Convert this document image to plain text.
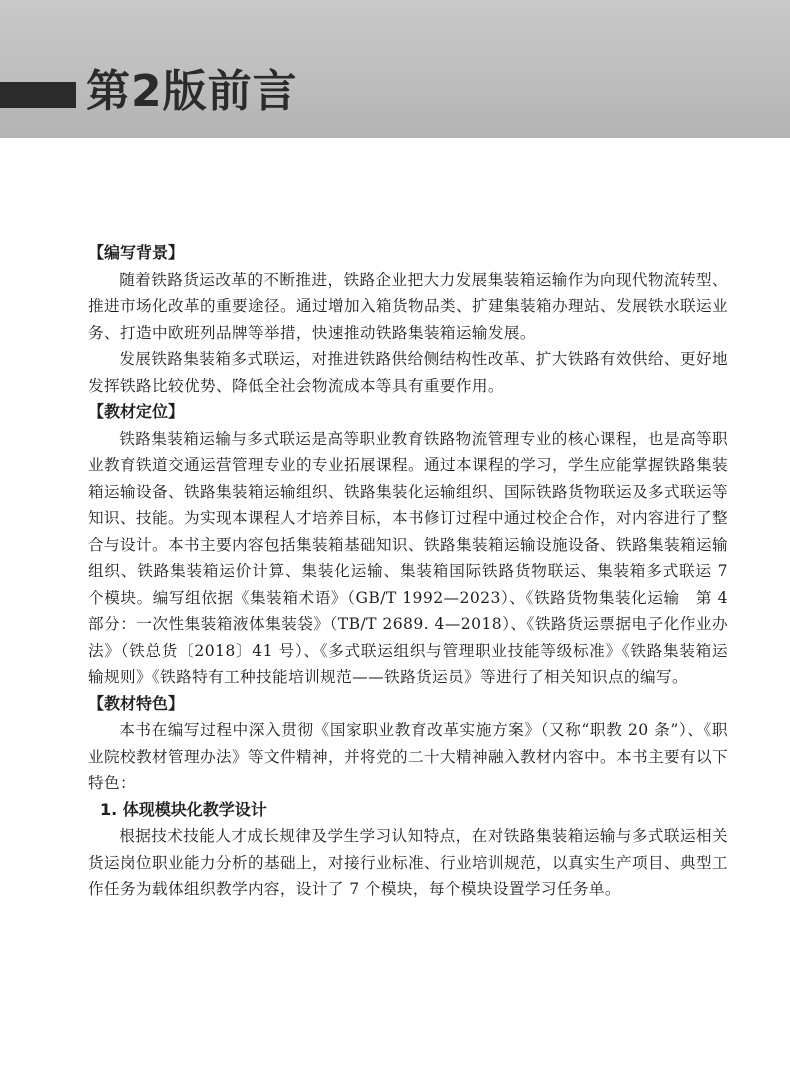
第2版前言
【编写背景】

随着铁路货运改革的不断推进，铁路企业把大力发展集装箱运输作为向现代物流转型、推进市场化改革的重要途径。通过增加入箱货物品类、扩建集装箱办理站、发展铁水联运业务、打造中欧班列品牌等举措，快速推动铁路集装箱运输发展。

发展铁路集装箱多式联运，对推进铁路供给侧结构性改革、扩大铁路有效供给、更好地发挥铁路比较优势、降低全社会物流成本等具有重要作用。

【教材定位】

铁路集装箱运输与多式联运是高等职业教育铁路物流管理专业的核心课程，也是高等职业教育铁道交通运营管理专业的专业拓展课程。通过本课程的学习，学生应能掌握铁路集装箱运输设备、铁路集装箱运输组织、铁路集装化运输组织、国际铁路货物联运及多式联运等知识、技能。为实现本课程人才培养目标，本书修订过程中通过校企合作，对内容进行了整合与设计。本书主要内容包括集装箱基础知识、铁路集装箱运输设施设备、铁路集装箱运输组织、铁路集装箱运价计算、集装化运输、集装箱国际铁路货物联运、集装箱多式联运 7 个模块。编写组依据《集装箱术语》（GB/T 1992—2023）、《铁路货物集装化运输　第 4 部分：一次性集装箱液体集装袋》（TB/T 2689. 4—2018）、《铁路货运票据电子化作业办法》（铁总货〔2018〕41 号）、《多式联运组织与管理职业技能等级标准》《铁路集装箱运输规则》《铁路特有工种技能培训规范——铁路货运员》等进行了相关知识点的编写。

【教材特色】

本书在编写过程中深入贯彻《国家职业教育改革实施方案》（又称“职教 20 条”）、《职业院校教材管理办法》等文件精神，并将党的二十大精神融入教材内容中。本书主要有以下特色：

1. 体现模块化教学设计

根据技术技能人才成长规律及学生学习认知特点，在对铁路集装箱运输与多式联运相关货运岗位职业能力分析的基础上，对接行业标准、行业培训规范，以真实生产项目、典型工作任务为载体组织教学内容，设计了 7 个模块，每个模块设置学习任务单。
